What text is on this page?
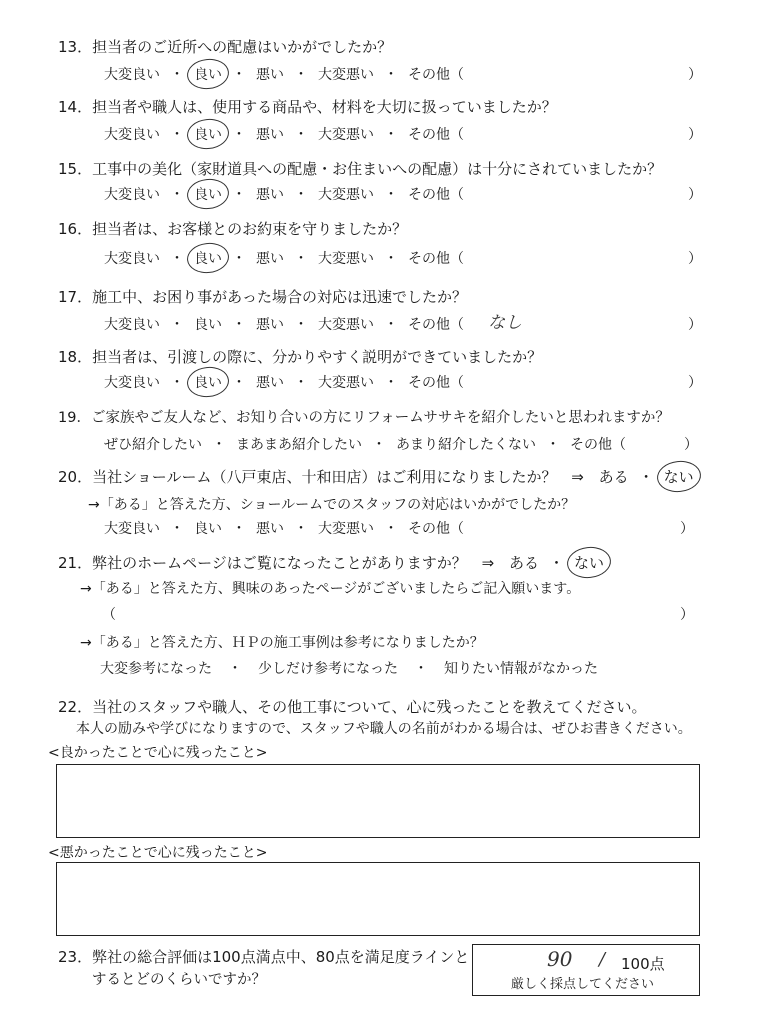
13．担当者のご近所への配慮はいかがでしたか？
大変良い ・ 良い ・ 悪い ・ 大変悪い ・ その他（	）
14．担当者や職人は、使用する商品や、材料を大切に扱っていましたか？
大変良い ・ 良い ・ 悪い ・ 大変悪い ・ その他（	）
15．工事中の美化（家財道具への配慮・お住まいへの配慮）は十分にされていましたか？
大変良い ・ 良い ・ 悪い ・ 大変悪い ・ その他（	）
16．担当者は、お客様とのお約束を守りましたか？
大変良い ・ 良い ・ 悪い ・ 大変悪い ・ その他（	）
17．施工中、お困り事があった場合の対応は迅速でしたか？
大変良い ・ 良い ・ 悪い ・ 大変悪い ・ その他（ なし	）
18．担当者は、引渡しの際に、分かりやすく説明ができていましたか？
大変良い ・ 良い ・ 悪い ・ 大変悪い ・ その他（	）
19．ご家族やご友人など、お知り合いの方にリフォームササキを紹介したいと思われますか？
ぜひ紹介したい ・ まあまあ紹介したい ・ あまり紹介したくない ・ その他（	）
20．当社ショールーム（八戸東店、十和田店）はご利用になりましたか？ ⇒ ある ・ ない
→「ある」と答えた方、ショールームでのスタッフの対応はいかがでしたか？
大変良い ・ 良い ・ 悪い ・ 大変悪い ・ その他（	）
21．弊社のホームページはご覧になったことがありますか？ ⇒ ある ・ ない
→「ある」と答えた方、興味のあったページがございましたらご記入願います。
（	）
→「ある」と答えた方、ＨＰの施工事例は参考になりましたか？
大変参考になった ・ 少しだけ参考になった ・ 知りたい情報がなかった
22．当社のスタッフや職人、その他工事について、心に残ったことを教えてください。
本人の励みや学びになりますので、スタッフや職人の名前がわかる場合は、ぜひお書きください。
<良かったことで心に残ったこと>
<悪かったことで心に残ったこと>
23．弊社の総合評価は100点満点中、80点を満足度ラインと
するとどのくらいですか？
90 / 100点
厳しく採点してください
